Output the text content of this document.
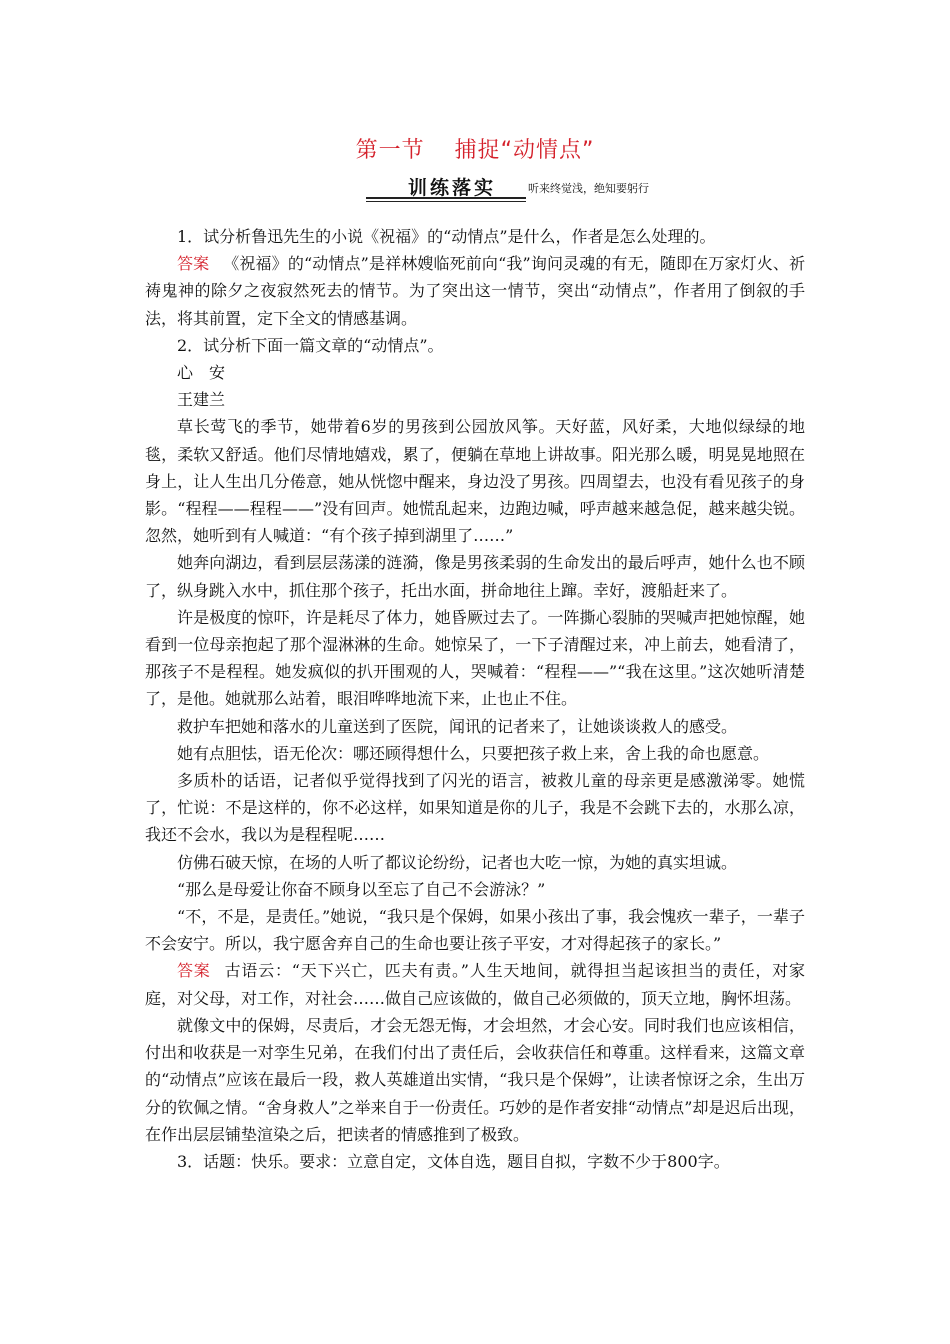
第一节 捕捉“动情点”
训练落实	听来终觉浅，绝知要躬行

1．试分析鲁迅先生的小说《祝福》的“动情点”是什么，作者是怎么处理的。

答案 《祝福》的“动情点”是祥林嫂临死前向“我”询问灵魂的有无，随即在万家灯火、祈祷鬼神的除夕之夜寂然死去的情节。为了突出这一情节，突出“动情点”，作者用了倒叙的手法，将其前置，定下全文的情感基调。

2．试分析下面一篇文章的“动情点”。

心　安

王建兰

草长莺飞的季节，她带着6岁的男孩到公园放风筝。天好蓝，风好柔，大地似绿绿的地毯，柔软又舒适。他们尽情地嬉戏，累了，便躺在草地上讲故事。阳光那么暖，明晃晃地照在身上，让人生出几分倦意，她从恍惚中醒来，身边没了男孩。四周望去，也没有看见孩子的身影。“程程——程程——”没有回声。她慌乱起来，边跑边喊，呼声越来越急促，越来越尖锐。忽然，她听到有人喊道：“有个孩子掉到湖里了……”

她奔向湖边，看到层层荡漾的涟漪，像是男孩柔弱的生命发出的最后呼声，她什么也不顾了，纵身跳入水中，抓住那个孩子，托出水面，拼命地往上蹿。幸好，渡船赶来了。

许是极度的惊吓，许是耗尽了体力，她昏厥过去了。一阵撕心裂肺的哭喊声把她惊醒，她看到一位母亲抱起了那个湿淋淋的生命。她惊呆了，一下子清醒过来，冲上前去，她看清了，那孩子不是程程。她发疯似的扒开围观的人，哭喊着：“程程——”“我在这里。”这次她听清楚了，是他。她就那么站着，眼泪哗哗地流下来，止也止不住。

救护车把她和落水的儿童送到了医院，闻讯的记者来了，让她谈谈救人的感受。

她有点胆怯，语无伦次：哪还顾得想什么，只要把孩子救上来，舍上我的命也愿意。

多质朴的话语，记者似乎觉得找到了闪光的语言，被救儿童的母亲更是感激涕零。她慌了，忙说：不是这样的，你不必这样，如果知道是你的儿子，我是不会跳下去的，水那么凉，我还不会水，我以为是程程呢……

仿佛石破天惊，在场的人听了都议论纷纷，记者也大吃一惊，为她的真实坦诚。

“那么是母爱让你奋不顾身以至忘了自己不会游泳？”

“不，不是，是责任。”她说，“我只是个保姆，如果小孩出了事，我会愧疚一辈子，一辈子不会安宁。所以，我宁愿舍弃自己的生命也要让孩子平安，才对得起孩子的家长。”

答案 古语云：“天下兴亡，匹夫有责。”人生天地间，就得担当起该担当的责任，对家庭，对父母，对工作，对社会……做自己应该做的，做自己必须做的，顶天立地，胸怀坦荡。

就像文中的保姆，尽责后，才会无怨无悔，才会坦然，才会心安。同时我们也应该相信，付出和收获是一对孪生兄弟，在我们付出了责任后，会收获信任和尊重。这样看来，这篇文章的“动情点”应该在最后一段，救人英雄道出实情，“我只是个保姆”，让读者惊讶之余，生出万分的钦佩之情。“舍身救人”之举来自于一份责任。巧妙的是作者安排“动情点”却是迟后出现，在作出层层铺垫渲染之后，把读者的情感推到了极致。

3．话题：快乐。要求：立意自定，文体自选，题目自拟，字数不少于800字。
